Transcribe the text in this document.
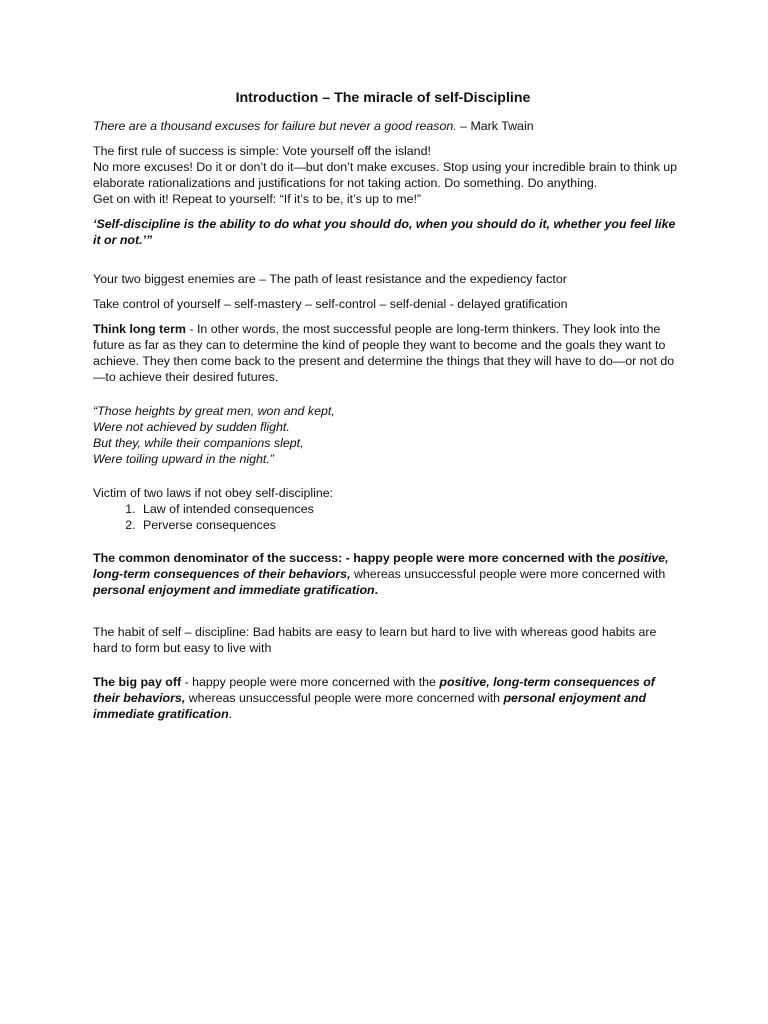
Introduction – The miracle of self-Discipline

There are a thousand excuses for failure but never a good reason. – Mark Twain

The first rule of success is simple: Vote yourself off the island!
No more excuses! Do it or don’t do it—but don’t make excuses. Stop using your incredible brain to think up elaborate rationalizations and justifications for not taking action. Do something. Do anything.
Get on with it! Repeat to yourself: “If it’s to be, it’s up to me!”

‘Self-discipline is the ability to do what you should do, when you should do it, whether you feel like it or not.’”

Your two biggest enemies are – The path of least resistance and the expediency factor

Take control of yourself – self-mastery – self-control – self-denial - delayed gratification

Think long term - In other words, the most successful people are long-term thinkers. They look into the future as far as they can to determine the kind of people they want to become and the goals they want to achieve. They then come back to the present and determine the things that they will have to do—or not do—to achieve their desired futures.

“Those heights by great men, won and kept,
Were not achieved by sudden flight.
But they, while their companions slept,
Were toiling upward in the night.”

Victim of two laws if not obey self-discipline:
1. Law of intended consequences
2. Perverse consequences

The common denominator of the success: - happy people were more concerned with the positive, long-term consequences of their behaviors, whereas unsuccessful people were more concerned with personal enjoyment and immediate gratification.

The habit of self – discipline: Bad habits are easy to learn but hard to live with whereas good habits are hard to form but easy to live with

The big pay off - happy people were more concerned with the positive, long-term consequences of their behaviors, whereas unsuccessful people were more concerned with personal enjoyment and immediate gratification.
